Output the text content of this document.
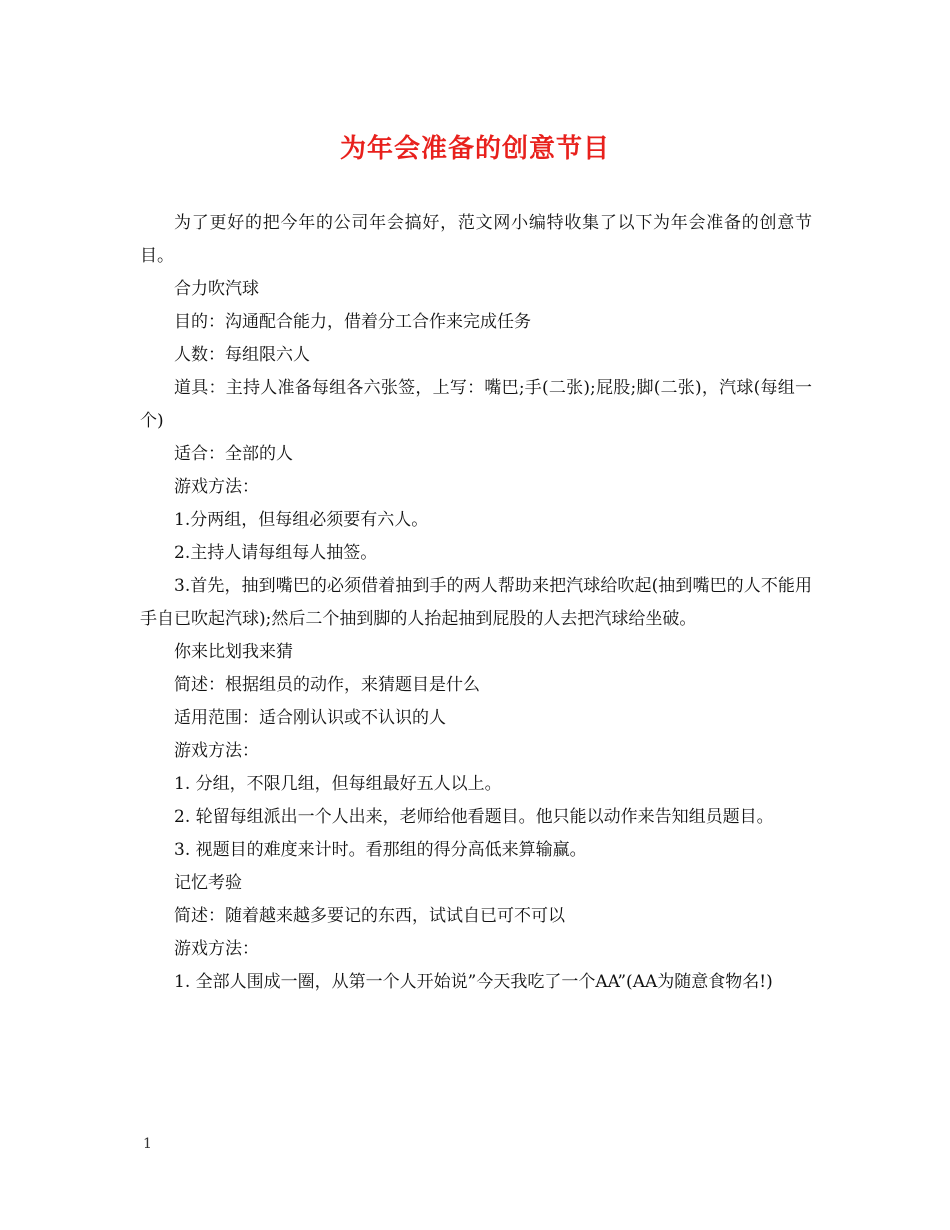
为年会准备的创意节目

为了更好的把今年的公司年会搞好，范文网小编特收集了以下为年会准备的创意节目。

合力吹汽球

目的：沟通配合能力，借着分工合作来完成任务

人数：每组限六人

道具：主持人准备每组各六张签，上写：嘴巴;手(二张);屁股;脚(二张)，汽球(每组一个)

适合：全部的人

游戏方法：

1.分两组，但每组必须要有六人。

2.主持人请每组每人抽签。

3.首先，抽到嘴巴的必须借着抽到手的两人帮助来把汽球给吹起(抽到嘴巴的人不能用手自已吹起汽球);然后二个抽到脚的人抬起抽到屁股的人去把汽球给坐破。

你来比划我来猜

简述：根据组员的动作，来猜题目是什么

适用范围：适合刚认识或不认识的人

游戏方法：

1. 分组，不限几组，但每组最好五人以上。

2. 轮留每组派出一个人出来，老师给他看题目。他只能以动作来告知组员题目。

3. 视题目的难度来计时。看那组的得分高低来算输赢。

记忆考验

简述：随着越来越多要记的东西，试试自已可不可以

游戏方法：

1. 全部人围成一圈，从第一个人开始说”今天我吃了一个AA”(AA为随意食物名!)

1
